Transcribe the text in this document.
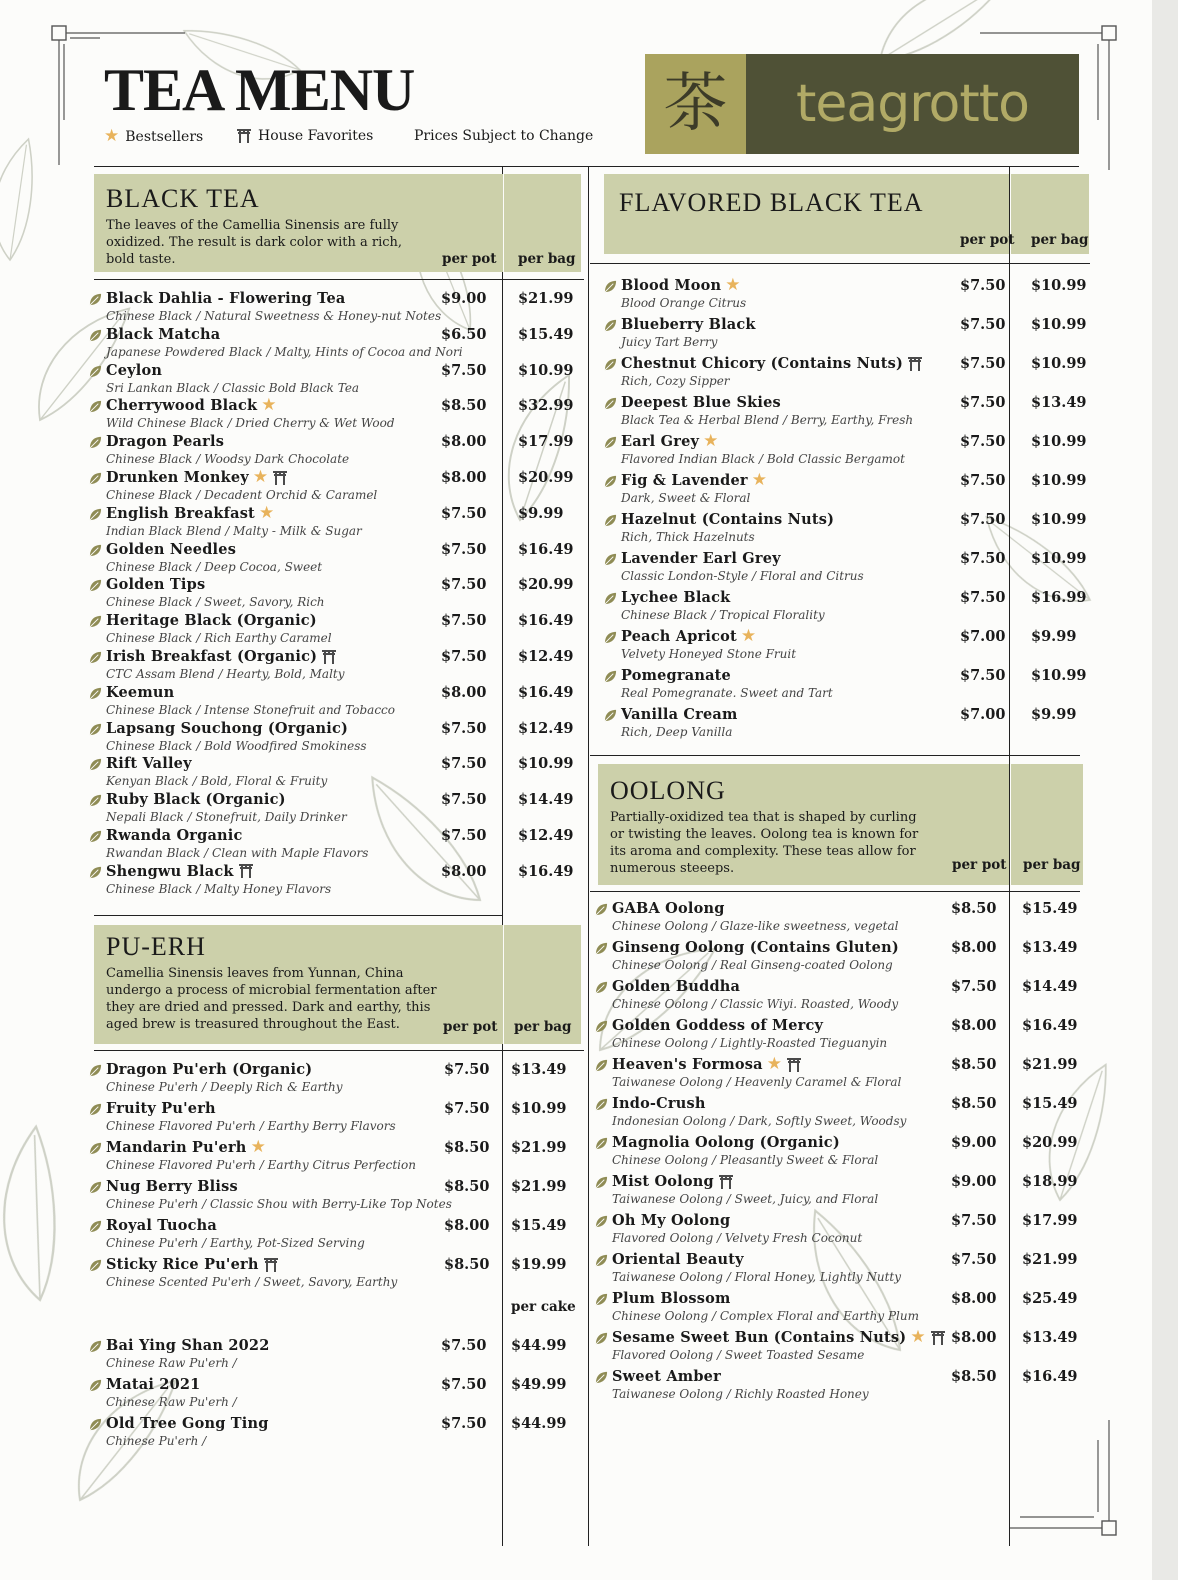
TEA MENU
★ Bestsellers	House Favorites	Prices Subject to Change 茶 teagrotto
BLACK TEA
The leaves of the Camellia Sinensis are fully
oxidized. The result is dark color with a rich,
bold taste.	per pot per bag
Black Dahlia - Flowering Tea
Chinese Black / Natural Sweetness & Honey-nut Notes
$9.00 $21.99
Black Matcha
Japanese Powdered Black / Malty, Hints of Cocoa and Nori
$6.50 $15.49
Ceylon
Sri Lankan Black / Classic Bold Black Tea
$7.50 $10.99
Cherrywood Black ★
Wild Chinese Black / Dried Cherry & Wet Wood
$8.50 $32.99
Dragon Pearls
Chinese Black / Woodsy Dark Chocolate
$8.00 $17.99
Drunken Monkey ★
Chinese Black / Decadent Orchid & Caramel
$8.00 $20.99
English Breakfast ★
Indian Black Blend / Malty - Milk & Sugar
$7.50 $9.99
Golden Needles
Chinese Black / Deep Cocoa, Sweet
$7.50 $16.49
Golden Tips
Chinese Black / Sweet, Savory, Rich
$7.50 $20.99
Heritage Black (Organic)
Chinese Black / Rich Earthy Caramel
$7.50 $16.49
Irish Breakfast (Organic)
CTC Assam Blend / Hearty, Bold, Malty
$7.50 $12.49
Keemun
Chinese Black / Intense Stonefruit and Tobacco
$8.00 $16.49
Lapsang Souchong (Organic)
Chinese Black / Bold Woodfired Smokiness
$7.50 $12.49
Rift Valley
Kenyan Black / Bold, Floral & Fruity
$7.50 $10.99
Ruby Black (Organic)
Nepali Black / Stonefruit, Daily Drinker
$7.50 $14.49
Rwanda Organic
Rwandan Black / Clean with Maple Flavors
$7.50 $12.49
Shengwu Black
Chinese Black / Malty Honey Flavors
$8.00 $16.49
PU-ERH
Camellia Sinensis leaves from Yunnan, China
undergo a process of microbial fermentation after
they are dried and pressed. Dark and earthy, this
aged brew is treasured throughout the East.	per pot per bag
Dragon Pu'erh (Organic)
Chinese Pu'erh / Deeply Rich & Earthy
$7.50 $13.49
Fruity Pu'erh
Chinese Flavored Pu'erh / Earthy Berry Flavors
$7.50 $10.99
Mandarin Pu'erh ★
Chinese Flavored Pu'erh / Earthy Citrus Perfection
$8.50 $21.99
Nug Berry Bliss
Chinese Pu'erh / Classic Shou with Berry-Like Top Notes
$8.50 $21.99
Royal Tuocha
Chinese Pu'erh / Earthy, Pot-Sized Serving
$8.00 $15.49
Sticky Rice Pu'erh
Chinese Scented Pu'erh / Sweet, Savory, Earthy
$8.50 $19.99
per cake
Bai Ying Shan 2022
Chinese Raw Pu'erh /
$7.50 $44.99
Matai 2021
Chinese Raw Pu'erh /
$7.50 $49.99
Old Tree Gong Ting
Chinese Pu'erh /
$7.50 $44.99
FLAVORED BLACK TEA
per pot per bag
Blood Moon ★
Blood Orange Citrus
$7.50 $10.99
Blueberry Black
Juicy Tart Berry
$7.50 $10.99
Chestnut Chicory (Contains Nuts)
Rich, Cozy Sipper
$7.50 $10.99
Deepest Blue Skies
Black Tea & Herbal Blend / Berry, Earthy, Fresh
$7.50 $13.49
Earl Grey ★
Flavored Indian Black / Bold Classic Bergamot
$7.50 $10.99
Fig & Lavender ★
Dark, Sweet & Floral
$7.50 $10.99
Hazelnut (Contains Nuts)
Rich, Thick Hazelnuts
$7.50 $10.99
Lavender Earl Grey
Classic London-Style / Floral and Citrus
$7.50 $10.99
Lychee Black
Chinese Black / Tropical Florality
$7.50 $16.99
Peach Apricot ★
Velvety Honeyed Stone Fruit
$7.00 $9.99
Pomegranate
Real Pomegranate. Sweet and Tart
$7.50 $10.99
Vanilla Cream
Rich, Deep Vanilla
$7.00 $9.99
OOLONG
Partially-oxidized tea that is shaped by curling
or twisting the leaves. Oolong tea is known for
its aroma and complexity. These teas allow for
numerous steeeps.	per pot per bag
GABA Oolong
Chinese Oolong / Glaze-like sweetness, vegetal
$8.50 $15.49
Ginseng Oolong (Contains Gluten)
Chinese Oolong / Real Ginseng-coated Oolong
$8.00 $13.49
Golden Buddha
Chinese Oolong / Classic Wiyi. Roasted, Woody
$7.50 $14.49
Golden Goddess of Mercy
Chinese Oolong / Lightly-Roasted Tieguanyin
$8.00 $16.49
Heaven's Formosa ★
Taiwanese Oolong / Heavenly Caramel & Floral
$8.50 $21.99
Indo-Crush
Indonesian Oolong / Dark, Softly Sweet, Woodsy
$8.50 $15.49
Magnolia Oolong (Organic)
Chinese Oolong / Pleasantly Sweet & Floral
$9.00 $20.99
Mist Oolong
Taiwanese Oolong / Sweet, Juicy, and Floral
$9.00 $18.99
Oh My Oolong
Flavored Oolong / Velvety Fresh Coconut
$7.50 $17.99
Oriental Beauty
Taiwanese Oolong / Floral Honey, Lightly Nutty
$7.50 $21.99
Plum Blossom
Chinese Oolong / Complex Floral and Earthy Plum
$8.00 $25.49
Sesame Sweet Bun (Contains Nuts) ★
Flavored Oolong / Sweet Toasted Sesame
$8.00 $13.49
Sweet Amber
Taiwanese Oolong / Richly Roasted Honey
$8.50 $16.49
